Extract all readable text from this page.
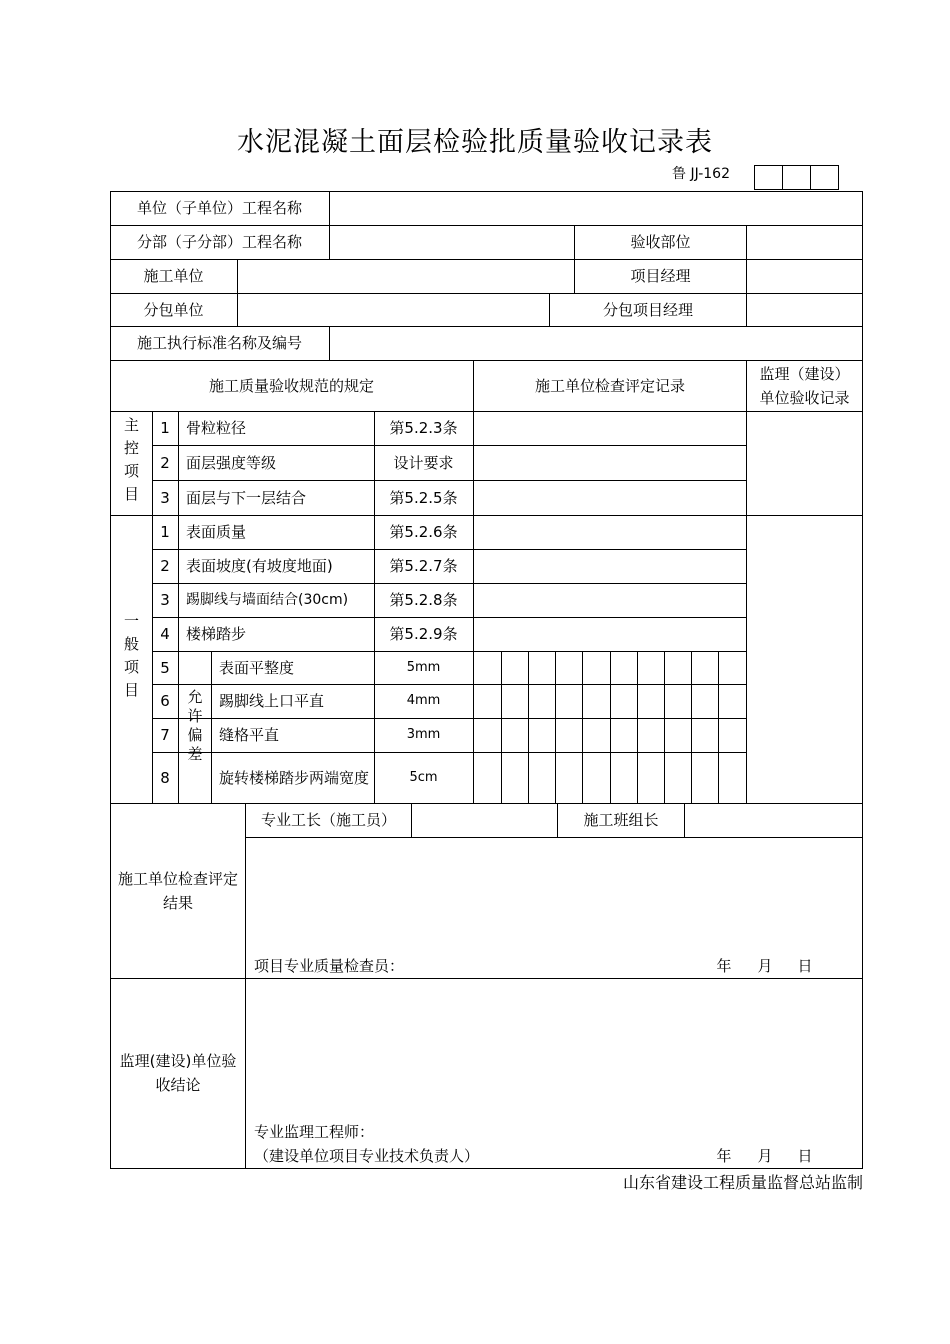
水泥混凝土面层检验批质量验收记录表
鲁 JJ-162
单位（子单位）工程名称
分部（子分部）工程名称	验收部位
施工单位	项目经理
分包单位	分包项目经理
施工执行标准名称及编号
施工质量验收规范的规定	施工单位检查评定记录
监理（建设）
单位验收记录
主控项目	1	骨粒粒径	第5.2.3条
2	面层强度等级	设计要求
3	面层与下一层结合	第5.2.5条
一般项目
1	表面质量	第5.2.6条
2	表面坡度(有坡度地面)	第5.2.7条
3	踢脚线与墙面结合(30cm)	第5.2.8条
4	楼梯踏步	第5.2.9条
允许偏差
5	表面平整度	5mm
6	踢脚线上口平直	4mm
7	缝格平直	3mm
8	旋转楼梯踏步两端宽度	5cm
施工单位检查评定结果
专业工长（施工员）	施工班组长
项目专业质量检查员：	年	月	日
监理(建设)单位验收结论
专业监理工程师：
（建设单位项目专业技术负责人）	年	月	日
山东省建设工程质量监督总站监制
